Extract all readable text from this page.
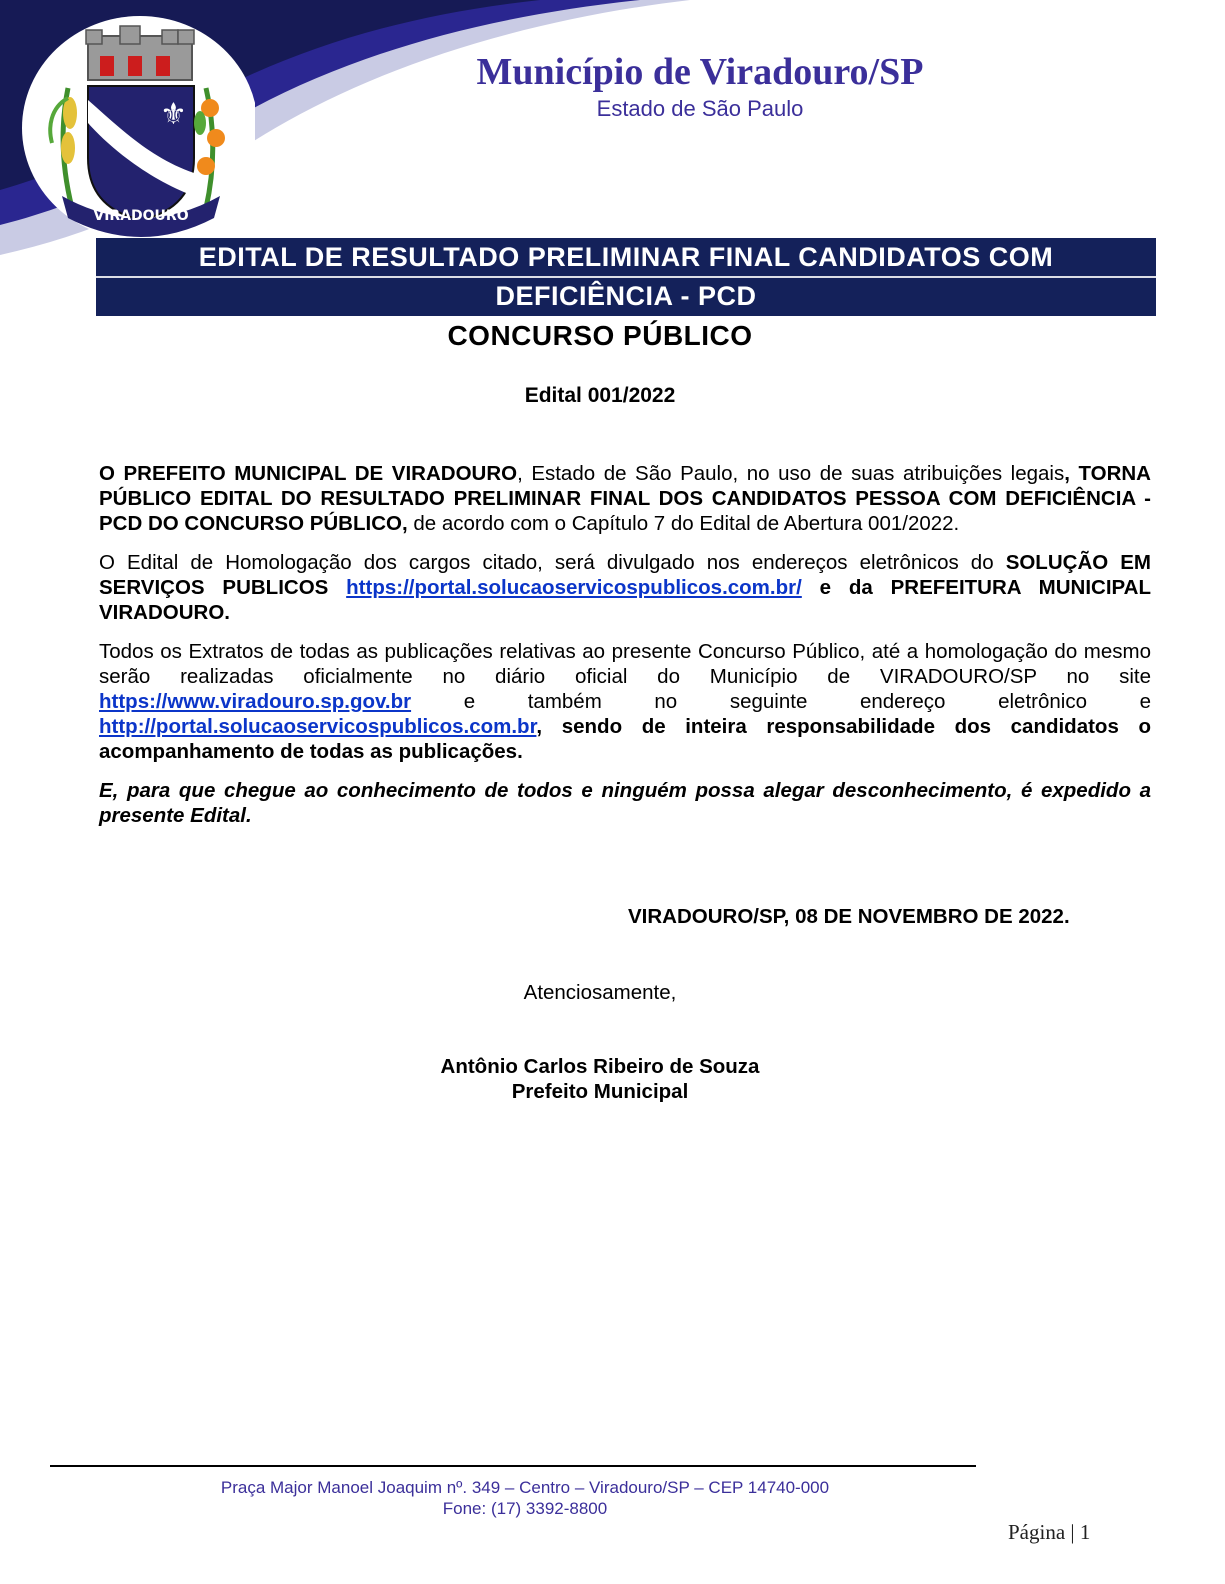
⚜
VIRADOURO
Município de Viradouro/SP
Estado de São Paulo
EDITAL DE RESULTADO PRELIMINAR FINAL CANDIDATOS COM
DEFICIÊNCIA - PCD
CONCURSO PÚBLICO
Edital 001/2022

O PREFEITO MUNICIPAL DE VIRADOURO, Estado de São Paulo, no uso de suas atribuições legais, TORNA PÚBLICO EDITAL DO RESULTADO PRELIMINAR FINAL DOS CANDIDATOS PESSOA COM DEFICIÊNCIA - PCD DO CONCURSO PÚBLICO, de acordo com o Capítulo 7 do Edital de Abertura 001/2022.

O Edital de Homologação dos cargos citado, será divulgado nos endereços eletrônicos do SOLUÇÃO EM SERVIÇOS PUBLICOS https://portal.solucaoservicospublicos.com.br/ e da PREFEITURA MUNICIPAL VIRADOURO.

Todos os Extratos de todas as publicações relativas ao presente Concurso Público, até a homologação do mesmo serão realizadas oficialmente no diário oficial do Município de VIRADOURO/SP no site https://www.viradouro.sp.gov.br e também no seguinte endereço eletrônico e http://portal.solucaoservicospublicos.com.br, sendo de inteira responsabilidade dos candidatos o acompanhamento de todas as publicações.

E, para que chegue ao conhecimento de todos e ninguém possa alegar desconhecimento, é expedido a presente Edital.

VIRADOURO/SP, 08 DE NOVEMBRO DE 2022.
Atenciosamente,
Antônio Carlos Ribeiro de Souza
Prefeito Municipal
Praça Major Manoel Joaquim nº. 349 – Centro – Viradouro/SP – CEP 14740-000
Fone: (17) 3392-8800
Página | 1
